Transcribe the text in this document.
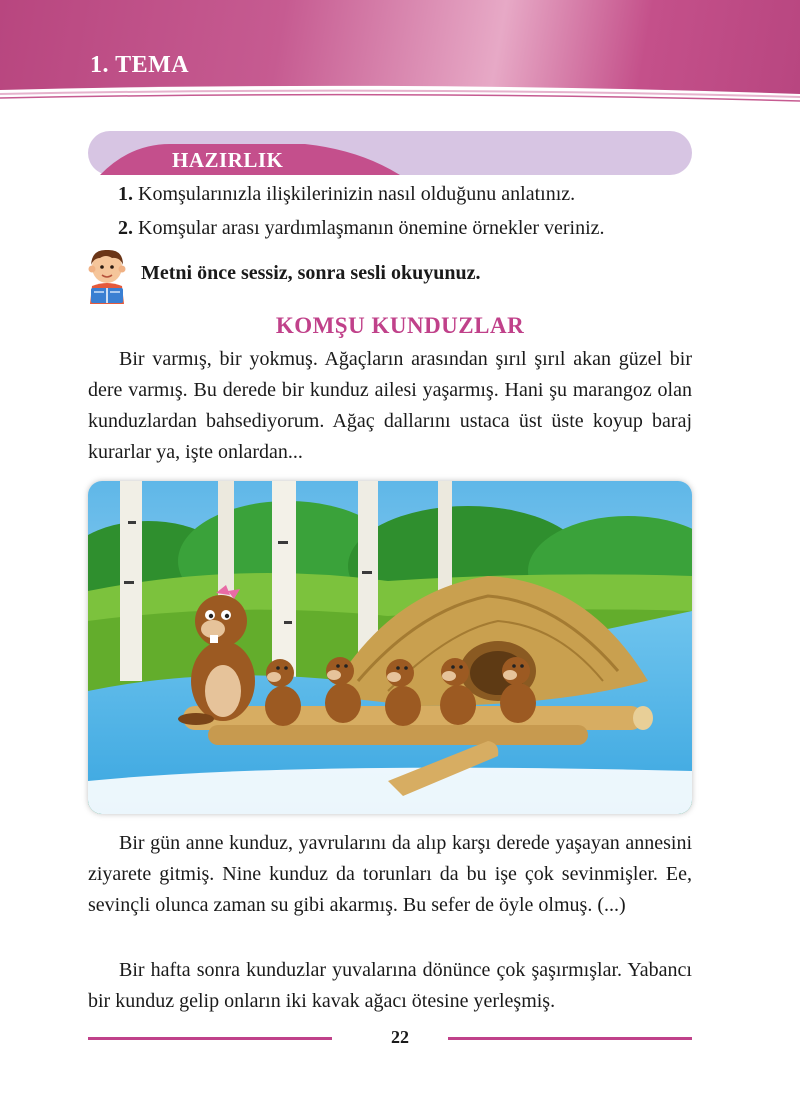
1. TEMA
HAZIRLIK
1. Komşularınızla ilişkilerinizin nasıl olduğunu anlatınız.
2. Komşular arası yardımlaşmanın önemine örnekler veriniz.
Metni önce sessiz, sonra sesli okuyunuz.
KOMŞU KUNDUZLAR

Bir varmış, bir yokmuş. Ağaçların arasından şırıl şırıl akan güzel bir dere varmış. Bu derede bir kunduz ailesi yaşarmış. Hani şu marangoz olan kunduzlardan bahsediyorum. Ağaç dallarını ustaca üst üste koyup baraj kurarlar ya, işte onlardan...

Bir gün anne kunduz, yavrularını da alıp karşı derede yaşayan annesini ziyarete gitmiş. Nine kunduz da torunları da bu işe çok sevinmişler. Ee, sevinçli olunca zaman su gibi akarmış. Bu sefer de öyle olmuş. (...)

Bir hafta sonra kunduzlar yuvalarına dönünce çok şaşırmışlar. Yabancı bir kunduz gelip onların iki kavak ağacı ötesine yerleşmiş.

22
